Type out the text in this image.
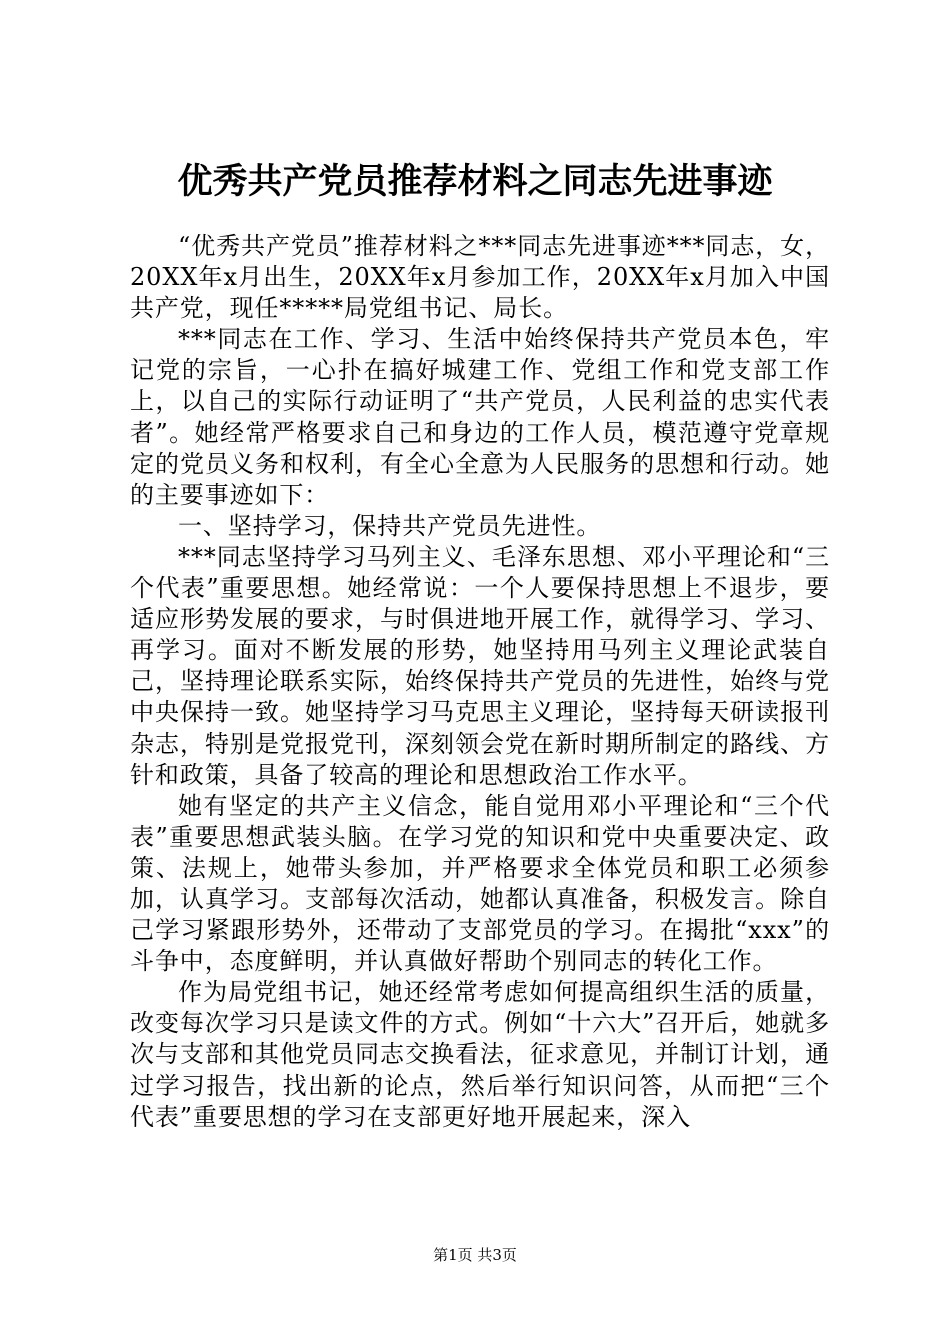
优秀共产党员推荐材料之同志先进事迹

“优秀共产党员”推荐材料之***同志先进事迹***同志，女，20XX年x月出生，20XX年x月参加工作，20XX年x月加入中国共产党，现任*****局党组书记、局长。

***同志在工作、学习、生活中始终保持共产党员本色，牢记党的宗旨，一心扑在搞好城建工作、党组工作和党支部工作上，以自己的实际行动证明了“共产党员，人民利益的忠实代表者”。她经常严格要求自己和身边的工作人员，模范遵守党章规定的党员义务和权利，有全心全意为人民服务的思想和行动。她的主要事迹如下：

一、坚持学习，保持共产党员先进性。

***同志坚持学习马列主义、毛泽东思想、邓小平理论和“三个代表”重要思想。她经常说：一个人要保持思想上不退步，要适应形势发展的要求，与时俱进地开展工作，就得学习、学习、再学习。面对不断发展的形势，她坚持用马列主义理论武装自己，坚持理论联系实际，始终保持共产党员的先进性，始终与党中央保持一致。她坚持学习马克思主义理论，坚持每天研读报刊杂志，特别是党报党刊，深刻领会党在新时期所制定的路线、方针和政策，具备了较高的理论和思想政治工作水平。

她有坚定的共产主义信念，能自觉用邓小平理论和“三个代表”重要思想武装头脑。在学习党的知识和党中央重要决定、政策、法规上，她带头参加，并严格要求全体党员和职工必须参加，认真学习。支部每次活动，她都认真准备，积极发言。除自己学习紧跟形势外，还带动了支部党员的学习。在揭批“xxx”的斗争中，态度鲜明，并认真做好帮助个别同志的转化工作。

作为局党组书记，她还经常考虑如何提高组织生活的质量，改变每次学习只是读文件的方式。例如“十六大”召开后，她就多次与支部和其他党员同志交换看法，征求意见，并制订计划，通过学习报告，找出新的论点，然后举行知识问答，从而把“三个代表”重要思想的学习在支部更好地开展起来，深入

第1页 共3页
